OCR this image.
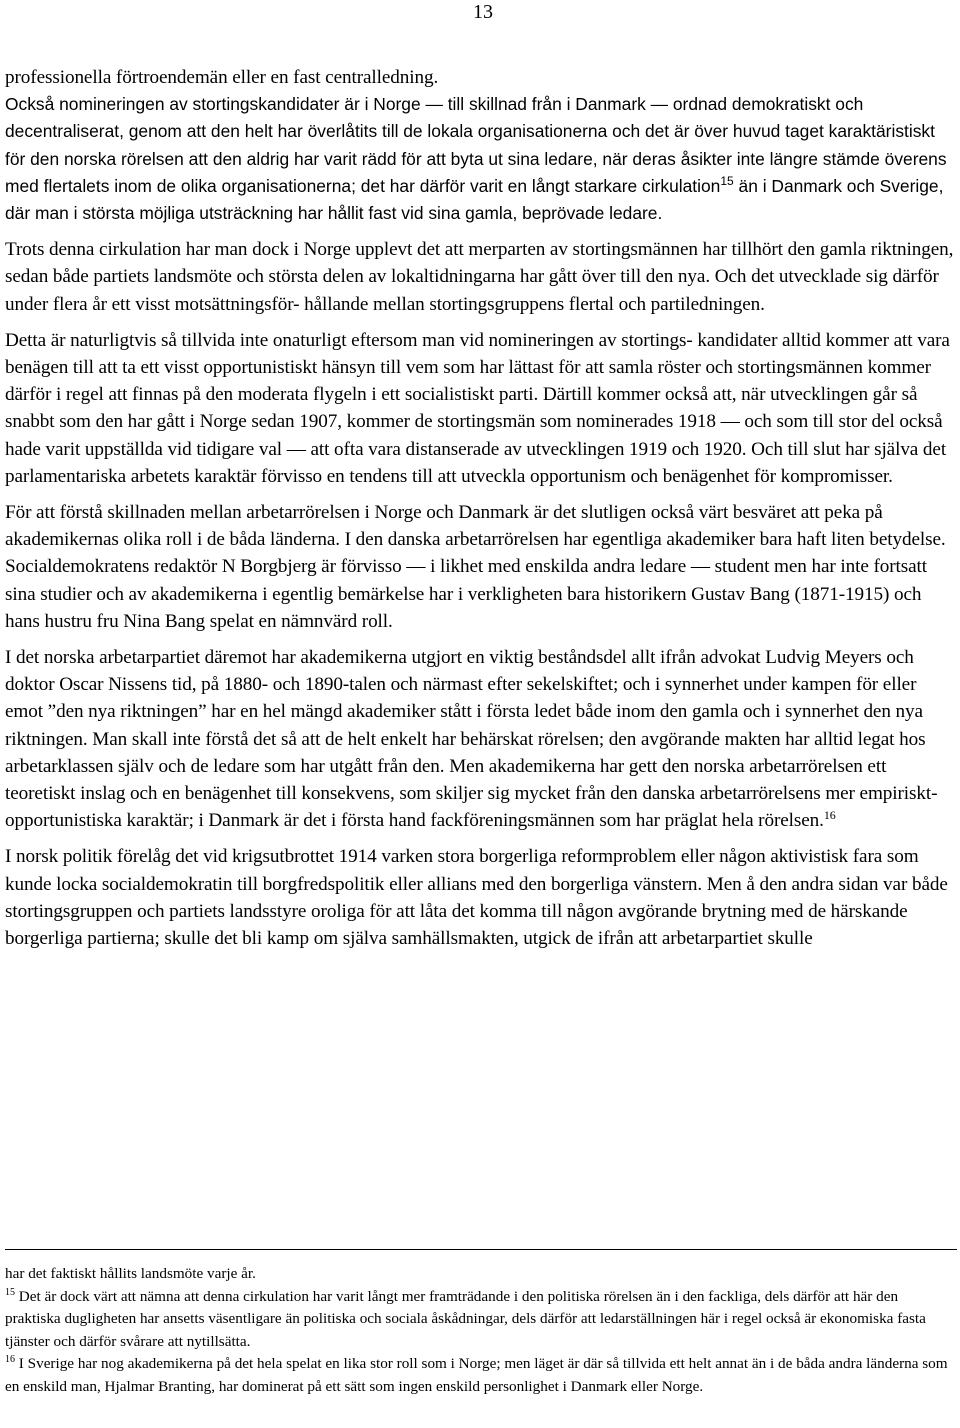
13

professionella förtroendemän eller en fast centralledning.

Också nomineringen av stortingskandidater är i Norge — till skillnad från i Danmark — ordnad demokratiskt och decentraliserat, genom att den helt har överlåtits till de lokala organisationerna och det är över huvud taget karaktäristiskt för den norska rörelsen att den aldrig har varit rädd för att byta ut sina ledare, när deras åsikter inte längre stämde överens med flertalets inom de olika organisationerna; det har därför varit en långt starkare cirkulation$^{15}$ än i Danmark och Sverige, där man i största möjliga utsträckning har hållit fast vid sina gamla, beprövade ledare.

Trots denna cirkulation har man dock i Norge upplevt det att merparten av stortingsmännen har tillhört den gamla riktningen, sedan både partiets landsmöte och största delen av lokaltidningarna har gått över till den nya. Och det utvecklade sig därför under flera år ett visst motsättningsför- hållande mellan stortingsgruppens flertal och partiledningen.

Detta är naturligtvis så tillvida inte onaturligt eftersom man vid nomineringen av stortings- kandidater alltid kommer att vara benägen till att ta ett visst opportunistiskt hänsyn till vem som har lättast för att samla röster och stortingsmännen kommer därför i regel att finnas på den moderata flygeln i ett socialistiskt parti. Därtill kommer också att, när utvecklingen går så snabbt som den har gått i Norge sedan 1907, kommer de stortingsmän som nominerades 1918 — och som till stor del också hade varit uppställda vid tidigare val — att ofta vara distanserade av utvecklingen 1919 och 1920. Och till slut har själva det parlamentariska arbetets karaktär förvisso en tendens till att utveckla opportunism och benägenhet för kompromisser.

För att förstå skillnaden mellan arbetarrörelsen i Norge och Danmark är det slutligen också värt besväret att peka på akademikernas olika roll i de båda länderna. I den danska arbetarrörelsen har egentliga akademiker bara haft liten betydelse. Socialdemokratens redaktör N Borgbjerg är förvisso — i likhet med enskilda andra ledare — student men har inte fortsatt sina studier och av akademikerna i egentlig bemärkelse har i verkligheten bara historikern Gustav Bang (1871-1915) och hans hustru fru Nina Bang spelat en nämnvärd roll.

I det norska arbetarpartiet däremot har akademikerna utgjort en viktig beståndsdel allt ifrån advokat Ludvig Meyers och doktor Oscar Nissens tid, på 1880- och 1890-talen och närmast efter sekelskiftet; och i synnerhet under kampen för eller emot ”den nya riktningen” har en hel mängd akademiker stått i första ledet både inom den gamla och i synnerhet den nya riktningen. Man skall inte förstå det så att de helt enkelt har behärskat rörelsen; den avgörande makten har alltid legat hos arbetarklassen själv och de ledare som har utgått från den. Men akademikerna har gett den norska arbetarrörelsen ett teoretiskt inslag och en benägenhet till konsekvens, som skiljer sig mycket från den danska arbetarrörelsens mer empiriskt- opportunistiska karaktär; i Danmark är det i första hand fackföreningsmännen som har präglat hela rörelsen.$^{16}$

I norsk politik förelåg det vid krigsutbrottet 1914 varken stora borgerliga reformproblem eller någon aktivistisk fara som kunde locka socialdemokratin till borgfredspolitik eller allians med den borgerliga vänstern. Men å den andra sidan var både stortingsgruppen och partiets landsstyre oroliga för att låta det komma till någon avgörande brytning med de härskande borgerliga partierna; skulle det bli kamp om själva samhällsmakten, utgick de ifrån att arbetarpartiet skulle

har det faktiskt hållits landsmöte varje år.

$^{15}$ Det är dock värt att nämna att denna cirkulation har varit långt mer framträdande i den politiska rörelsen än i den fackliga, dels därför att här den praktiska dugligheten har ansetts väsentligare än politiska och sociala åskådningar, dels därför att ledarställningen här i regel också är ekonomiska fasta tjänster och därför svårare att nytillsätta.

$^{16}$ I Sverige har nog akademikerna på det hela spelat en lika stor roll som i Norge; men läget är där så tillvida ett helt annat än i de båda andra länderna som en enskild man, Hjalmar Branting, har dominerat på ett sätt som ingen enskild personlighet i Danmark eller Norge.
